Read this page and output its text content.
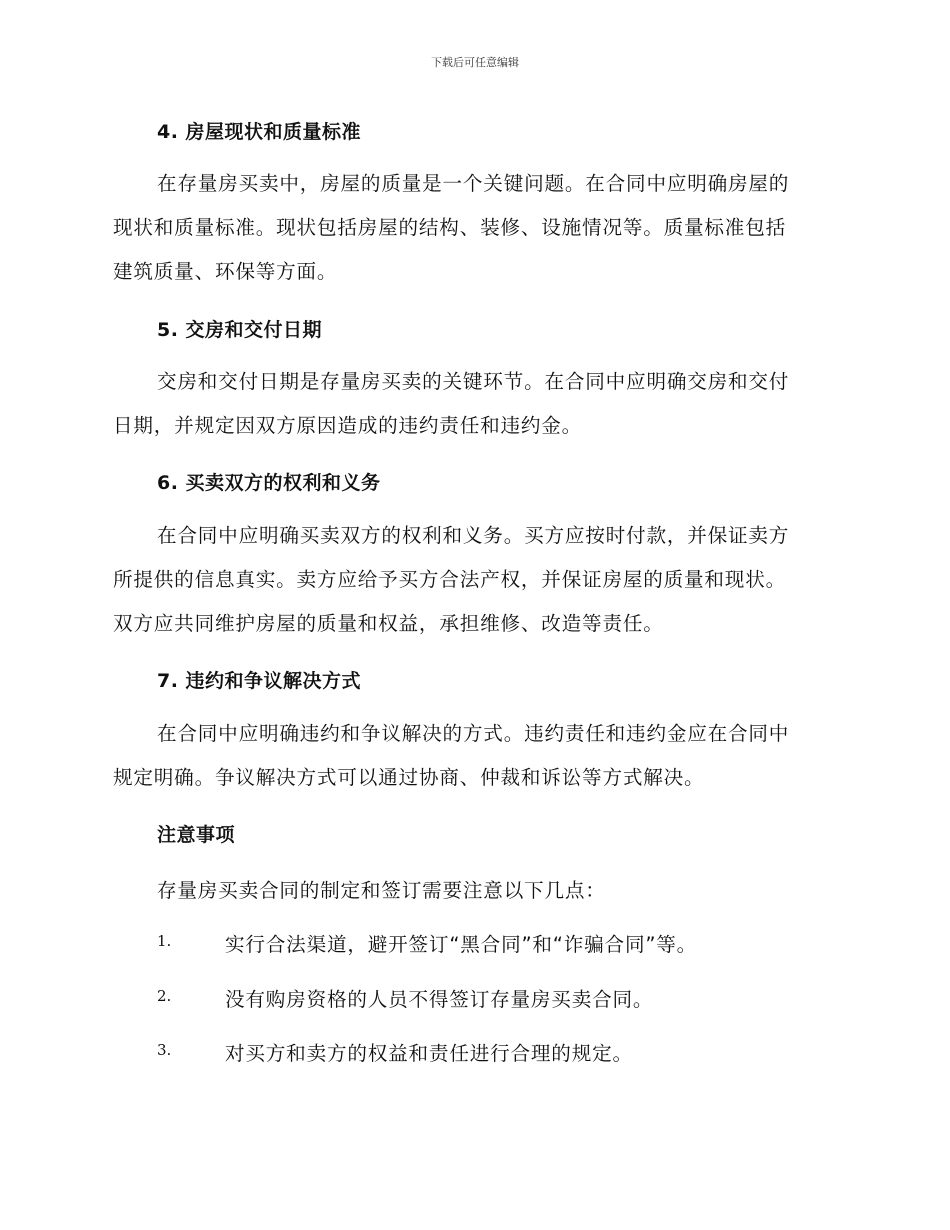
下载后可任意编辑
4. 房屋现状和质量标准
在存量房买卖中，房屋的质量是一个关键问题。在合同中应明确房屋的
现状和质量标准。现状包括房屋的结构、装修、设施情况等。质量标准包括
建筑质量、环保等方面。
5. 交房和交付日期
交房和交付日期是存量房买卖的关键环节。在合同中应明确交房和交付
日期，并规定因双方原因造成的违约责任和违约金。
6. 买卖双方的权利和义务
在合同中应明确买卖双方的权利和义务。买方应按时付款，并保证卖方
所提供的信息真实。卖方应给予买方合法产权，并保证房屋的质量和现状。
双方应共同维护房屋的质量和权益，承担维修、改造等责任。
7. 违约和争议解决方式
在合同中应明确违约和争议解决的方式。违约责任和违约金应在合同中
规定明确。争议解决方式可以通过协商、仲裁和诉讼等方式解决。
注意事项
存量房买卖合同的制定和签订需要注意以下几点：
1.	实行合法渠道，避开签订“黑合同”和“诈骗合同”等。
2.	没有购房资格的人员不得签订存量房买卖合同。
3.	对买方和卖方的权益和责任进行合理的规定。
